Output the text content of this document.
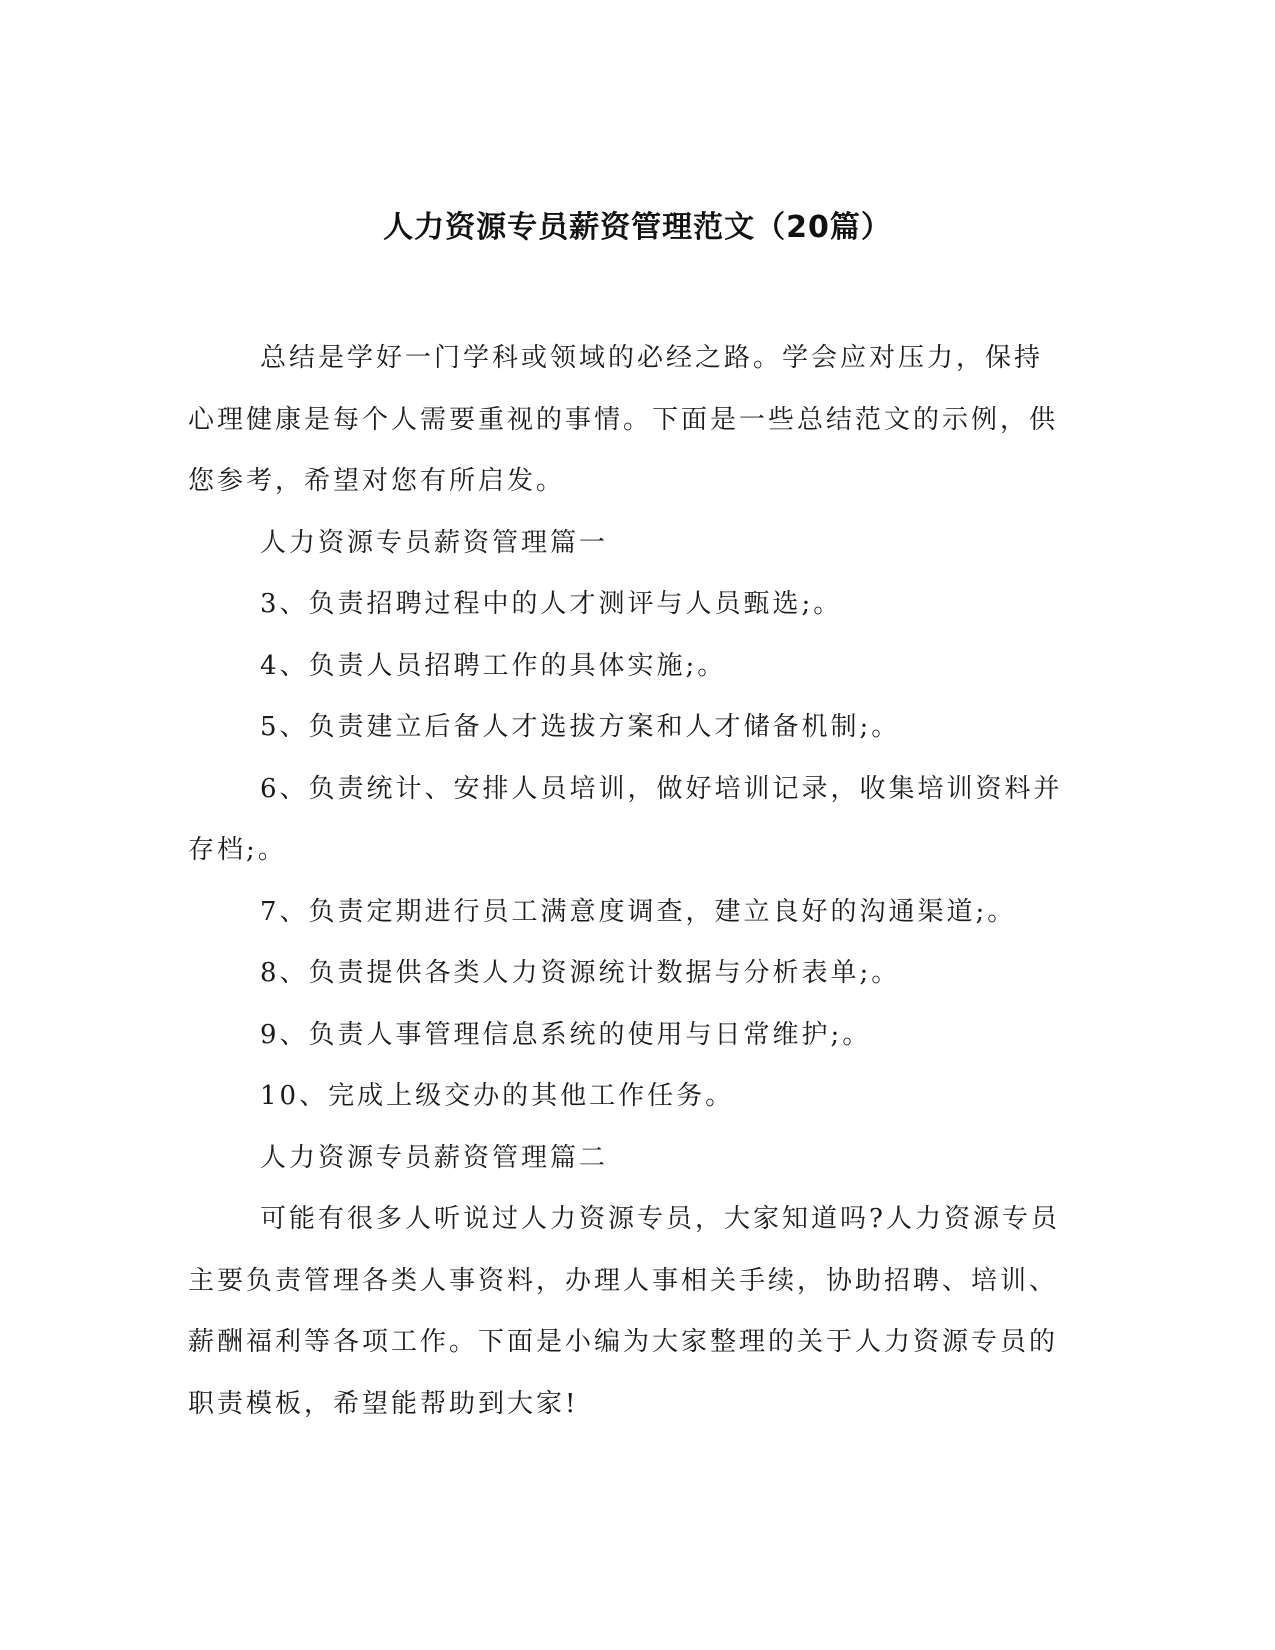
人力资源专员薪资管理范文（20篇）

总结是学好一门学科或领域的必经之路。学会应对压力，保持心理健康是每个人需要重视的事情。下面是一些总结范文的示例，供您参考，希望对您有所启发。

人力资源专员薪资管理篇一

3、负责招聘过程中的人才测评与人员甄选;。

4、负责人员招聘工作的具体实施;。

5、负责建立后备人才选拔方案和人才储备机制;。

6、负责统计、安排人员培训，做好培训记录，收集培训资料并存档;。

7、负责定期进行员工满意度调查，建立良好的沟通渠道;。

8、负责提供各类人力资源统计数据与分析表单;。

9、负责人事管理信息系统的使用与日常维护;。

10、完成上级交办的其他工作任务。

人力资源专员薪资管理篇二

可能有很多人听说过人力资源专员，大家知道吗?人力资源专员主要负责管理各类人事资料，办理人事相关手续，协助招聘、培训、薪酬福利等各项工作。下面是小编为大家整理的关于人力资源专员的职责模板，希望能帮助到大家!
